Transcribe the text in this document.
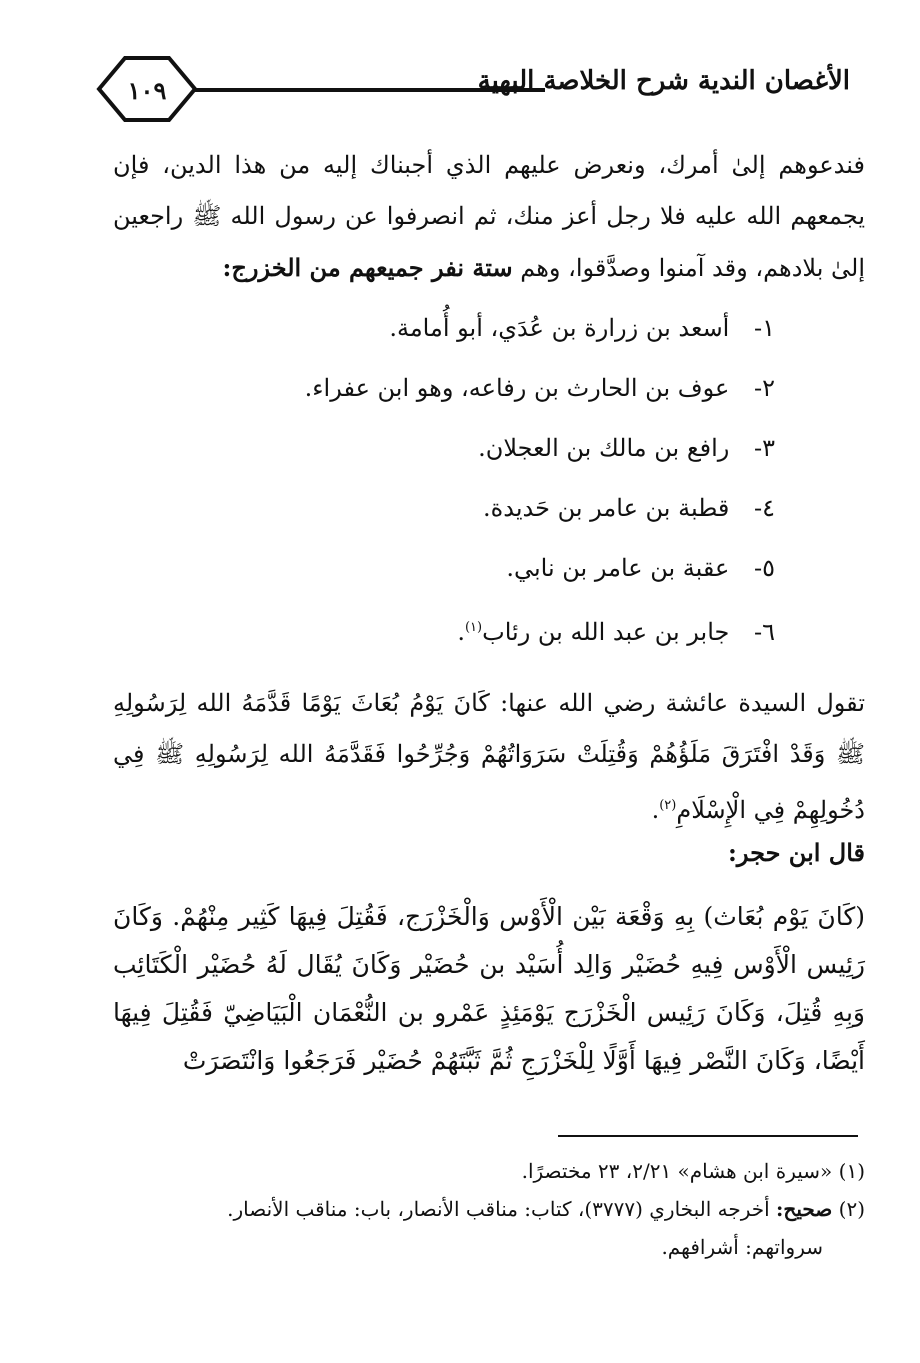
١٠٩	الأغصان الندية شرح الخلاصة البهية
فندعوهم إلىٰ أمرك، ونعرض عليهم الذي أجبناك إليه من هذا الدين، فإن يجمعهم الله عليه فلا رجل أعز منك، ثم انصرفوا عن رسول الله ﷺ راجعين إلىٰ بلادهم، وقد آمنوا وصدَّقوا، وهم ستة نفر جميعهم من الخزرج:
١- أسعد بن زرارة بن عُدَي، أبو أُمامة.
٢- عوف بن الحارث بن رفاعه، وهو ابن عفراء.
٣- رافع بن مالك بن العجلان.
٤- قطبة بن عامر بن حَديدة.
٥- عقبة بن عامر بن نابي.
٦- جابر بن عبد الله بن رئاب$^{(١)}$.
تقول السيدة عائشة رضي الله عنها: كَانَ يَوْمُ بُعَاثَ يَوْمًا قَدَّمَهُ الله لِرَسُولِهِ ﷺ وَقَدْ افْتَرَقَ مَلَؤُهُمْ وَقُتِلَتْ سَرَوَاتُهُمْ وَجُرِّحُوا فَقَدَّمَهُ الله لِرَسُولِهِ ﷺ فِي دُخُولِهِمْ فِي الْإِسْلَامِ$^{(٢)}$.
قال ابن حجر:
(كَانَ يَوْم بُعَاث) بِهِ وَقْعَة بَيْن الْأَوْس وَالْخَزْرَج، فَقُتِلَ فِيهَا كَثِير مِنْهُمْ. وَكَانَ رَئِيس الْأَوْس فِيهِ حُضَيْر وَالِد أُسَيْد بن حُضَيْر وَكَانَ يُقَال لَهُ حُضَيْر الْكَتَائِب وَبِهِ قُتِلَ، وَكَانَ رَئِيس الْخَزْرَج يَوْمَئِذٍ عَمْرو بن النُّعْمَان الْبَيَاضِيّ فَقُتِلَ فِيهَا أَيْضًا، وَكَانَ النَّصْر فِيهَا أَوَّلًا لِلْخَزْرَجِ ثُمَّ ثَبَّتَهُمْ حُضَيْر فَرَجَعُوا وَانْتَصَرَتْ

(١) «سيرة ابن هشام» ٢/٢١، ٢٣ مختصرًا.

(٢) صحيح: أخرجه البخاري (٣٧٧٧)، كتاب: مناقب الأنصار، باب: مناقب الأنصار.

سرواتهم: أشرافهم.
